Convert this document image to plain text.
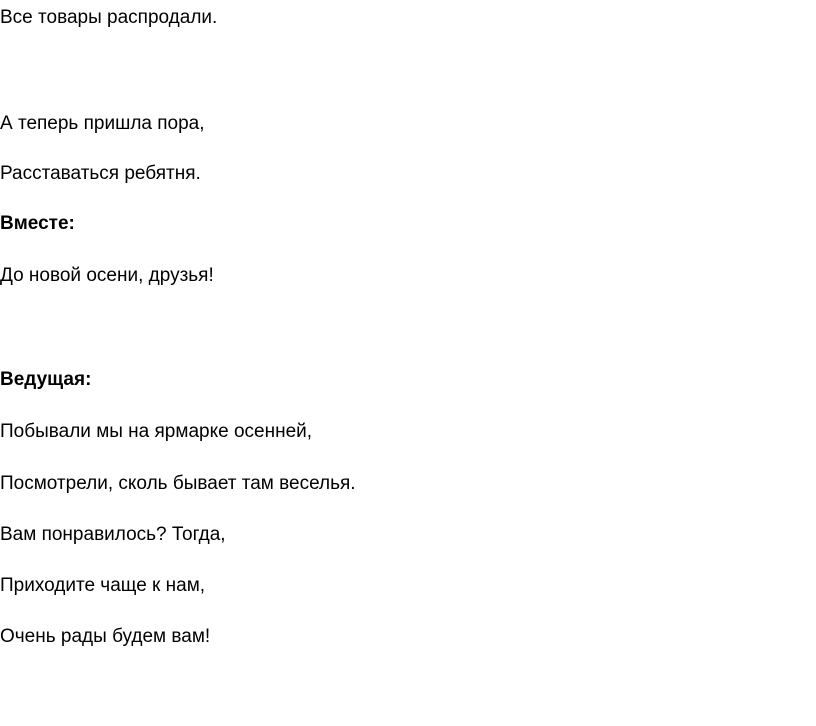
Все товары распродали.
А теперь пришла пора,
Расставаться ребятня.
Вместе:
До новой осени, друзья!
Ведущая:
Побывали мы на ярмарке осенней,
Посмотрели, сколь бывает там веселья.
Вам понравилось? Тогда,
Приходите чаще к нам,
Очень рады будем вам!
